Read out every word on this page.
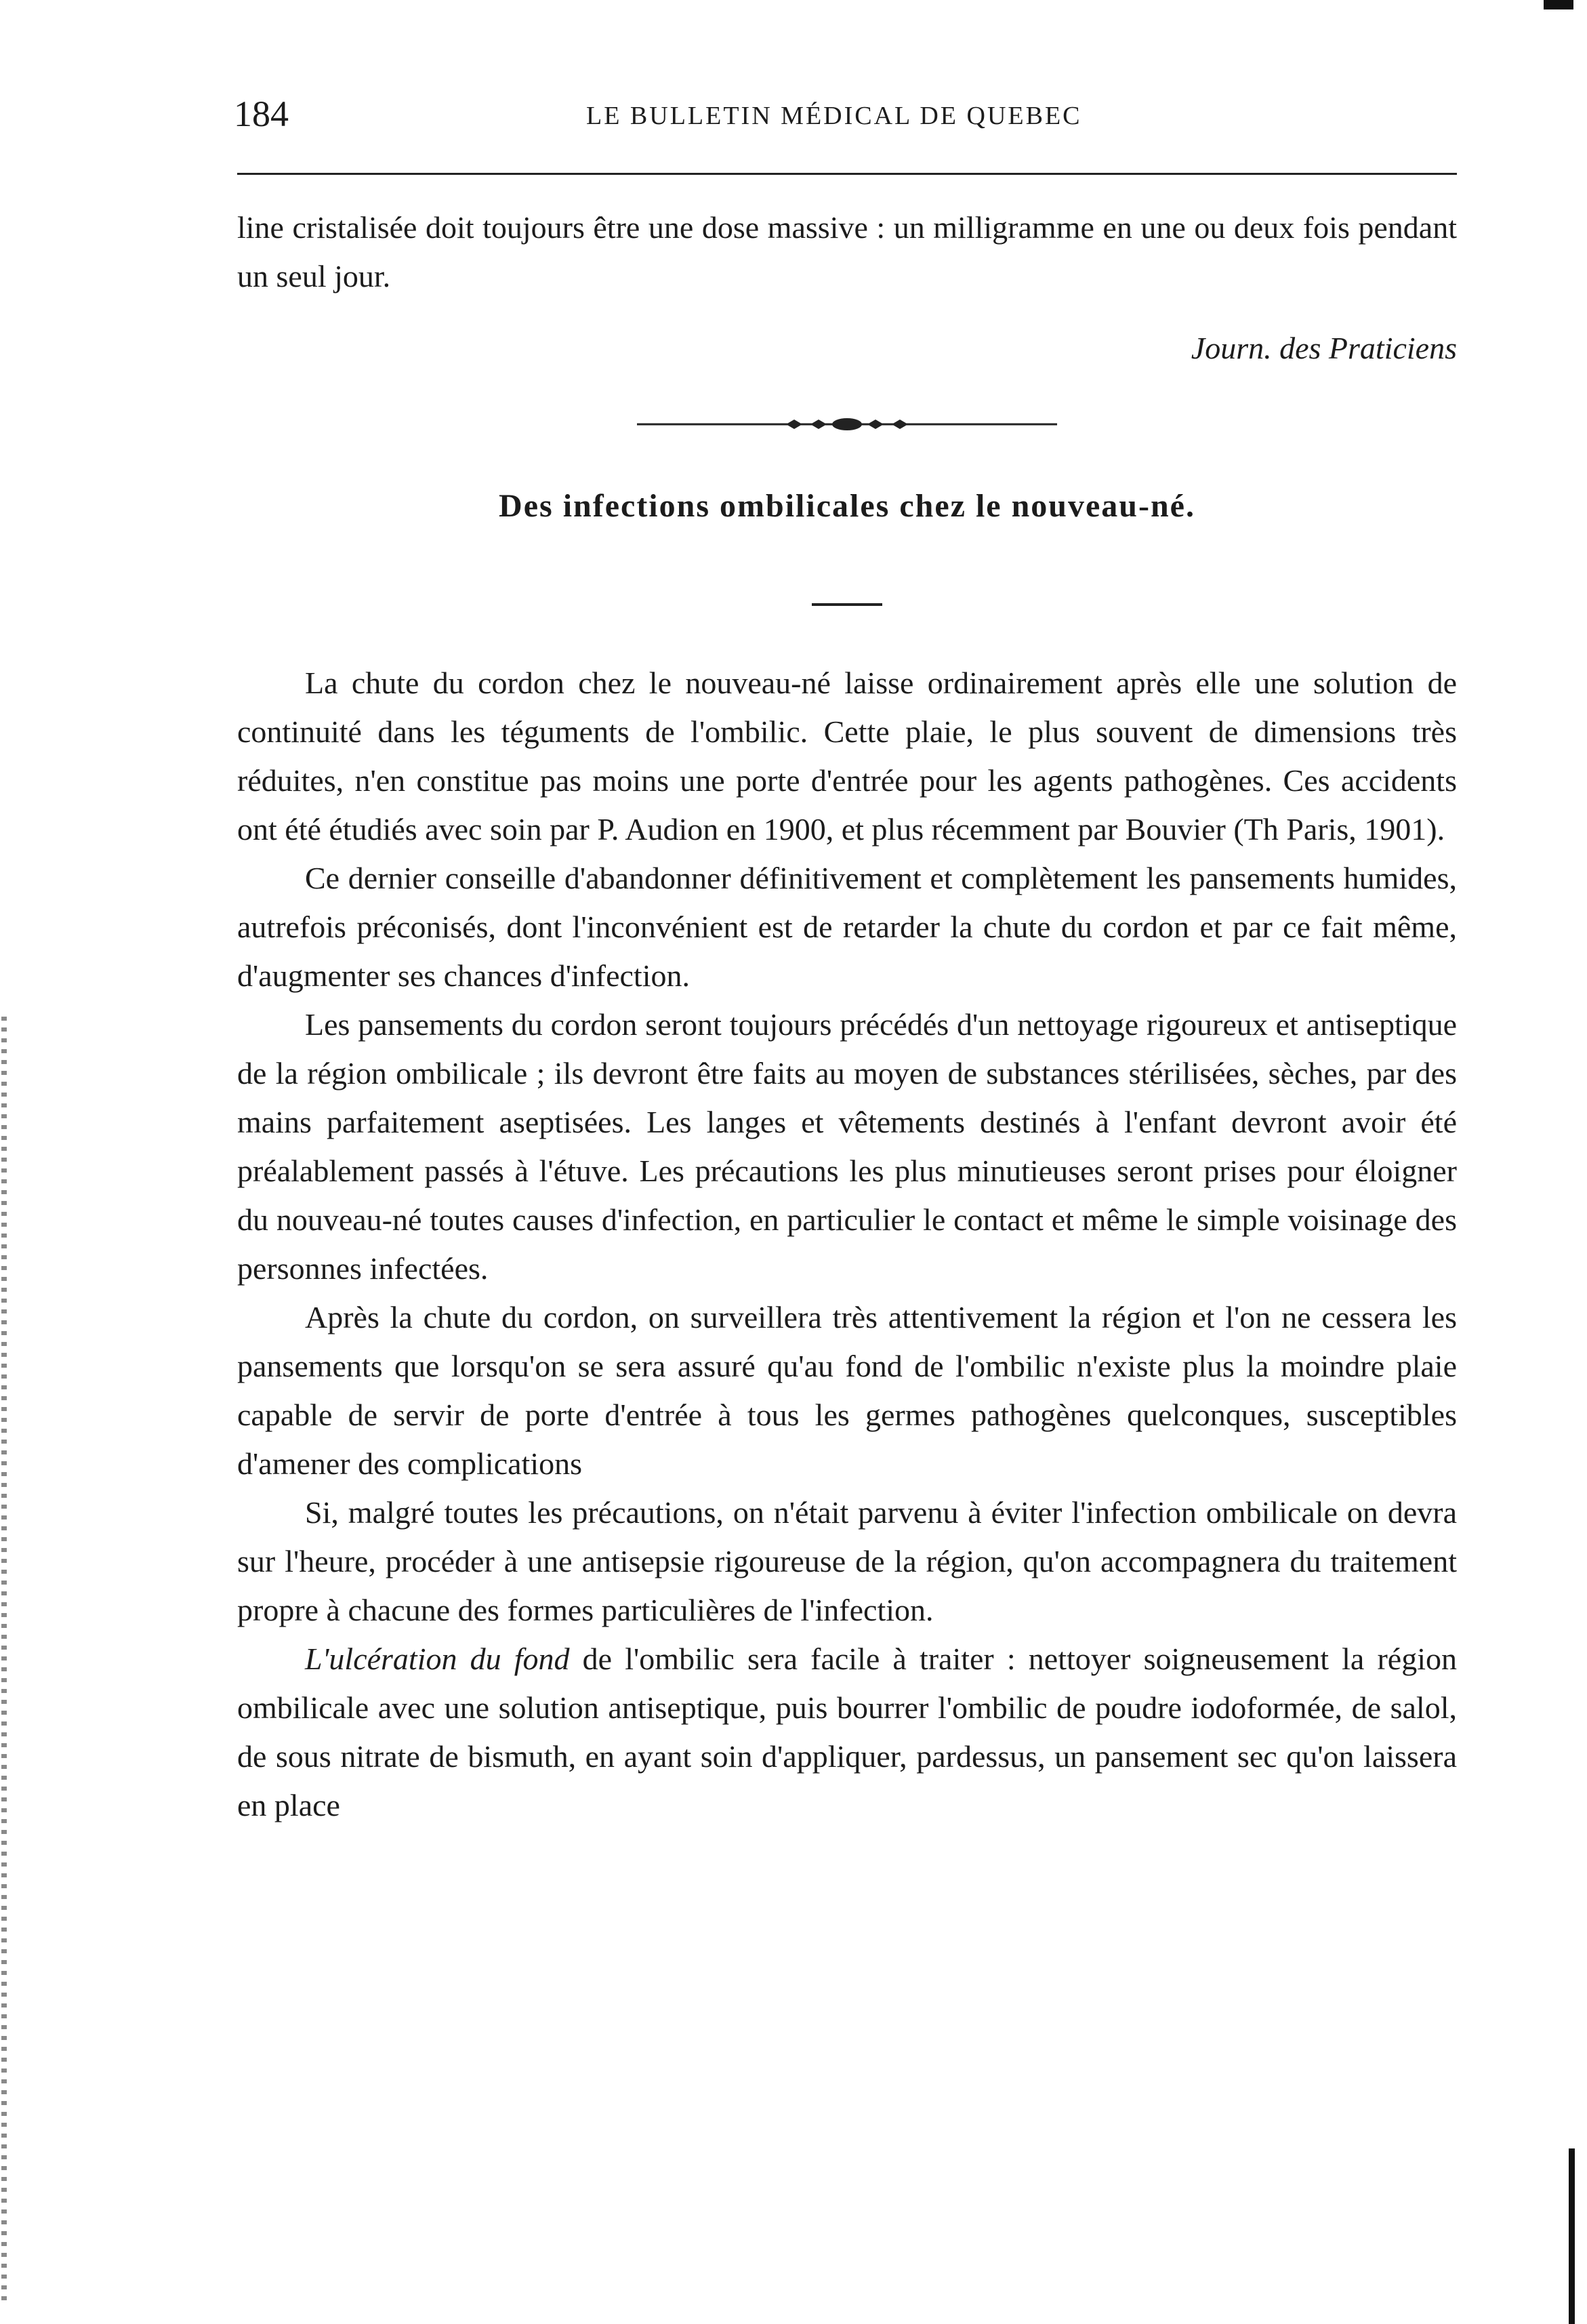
184	LE BULLETIN MÉDICAL DE QUEBEC

line cristalisée doit toujours être une dose massive : un milligramme en une ou deux fois pendant un seul jour.

Journ. des Praticiens
Des infections ombilicales chez le nouveau-né.

La chute du cordon chez le nouveau-né laisse ordinairement après elle une solution de continuité dans les téguments de l'ombilic. Cette plaie, le plus souvent de dimensions très réduites, n'en constitue pas moins une porte d'entrée pour les agents pathogènes. Ces accidents ont été étudiés avec soin par P. Audion en 1900, et plus récemment par Bouvier (Th Paris, 1901).

Ce dernier conseille d'abandonner définitivement et complètement les pansements humides, autrefois préconisés, dont l'inconvénient est de retarder la chute du cordon et par ce fait même, d'augmenter ses chances d'infection.

Les pansements du cordon seront toujours précédés d'un nettoyage rigoureux et antiseptique de la région ombilicale ; ils devront être faits au moyen de substances stérilisées, sèches, par des mains parfaitement aseptisées. Les langes et vêtements destinés à l'enfant devront avoir été préalablement passés à l'étuve. Les précautions les plus minutieuses seront prises pour éloigner du nouveau-né toutes causes d'infection, en particulier le contact et même le simple voisinage des personnes infectées.

Après la chute du cordon, on surveillera très attentivement la région et l'on ne cessera les pansements que lorsqu'on se sera assuré qu'au fond de l'ombilic n'existe plus la moindre plaie capable de servir de porte d'entrée à tous les germes pathogènes quelconques, susceptibles d'amener des complications

Si, malgré toutes les précautions, on n'était parvenu à éviter l'infection ombilicale on devra sur l'heure, procéder à une antisepsie rigoureuse de la région, qu'on accompagnera du traitement propre à chacune des formes particulières de l'infection.

L'ulcération du fond de l'ombilic sera facile à traiter : nettoyer soigneusement la région ombilicale avec une solution antiseptique, puis bourrer l'ombilic de poudre iodoformée, de salol, de sous nitrate de bismuth, en ayant soin d'appliquer, pardessus, un pansement sec qu'on laissera en place
